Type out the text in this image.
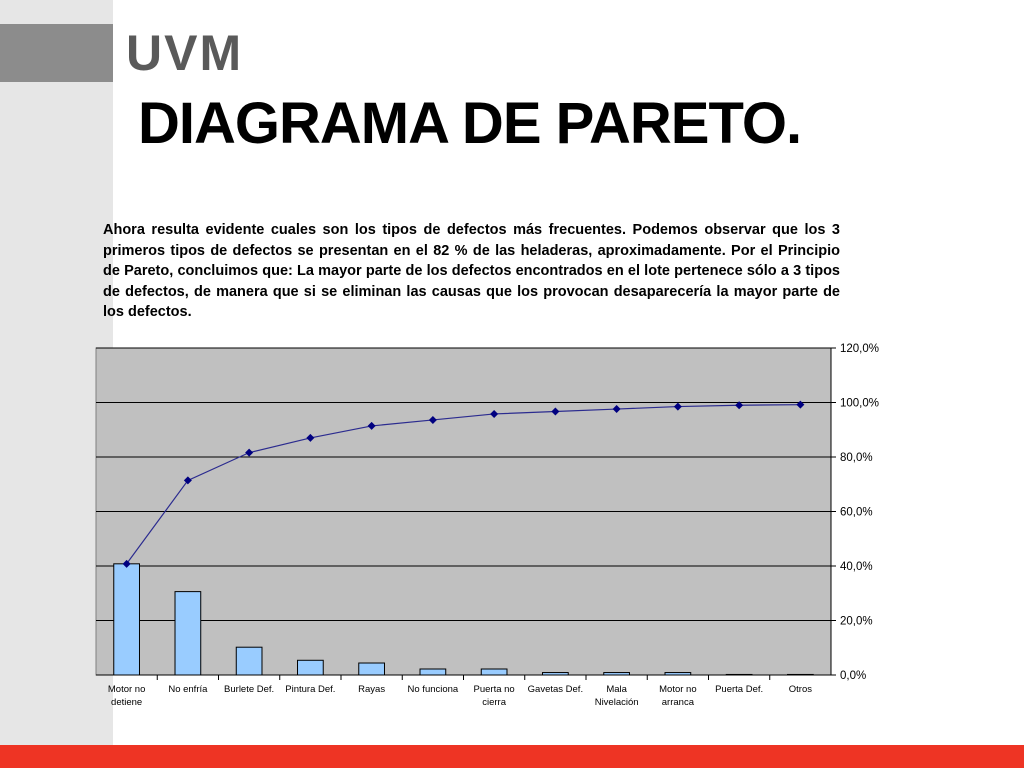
UVM
DIAGRAMA DE PARETO.
Ahora resulta evidente cuales son los tipos de defectos más frecuentes. Podemos observar que los 3 primeros tipos de defectos se presentan en el 82 % de las heladeras, aproximadamente. Por el Principio de Pareto, concluimos que: La mayor parte de los defectos encontrados en el lote pertenece sólo a 3 tipos de defectos, de manera que si se eliminan las causas que los provocan desaparecería la mayor parte de los defectos.
0,0%
20,0%
40,0%
60,0%
80,0%
100,0%
120,0%
Motor no detiene
No enfría Burlete Def. Pintura Def. Rayas No funciona Puerta no cierra
Gavetas Def.	Mala Nivelación
Motor no arranca
Puerta Def.	Otros
